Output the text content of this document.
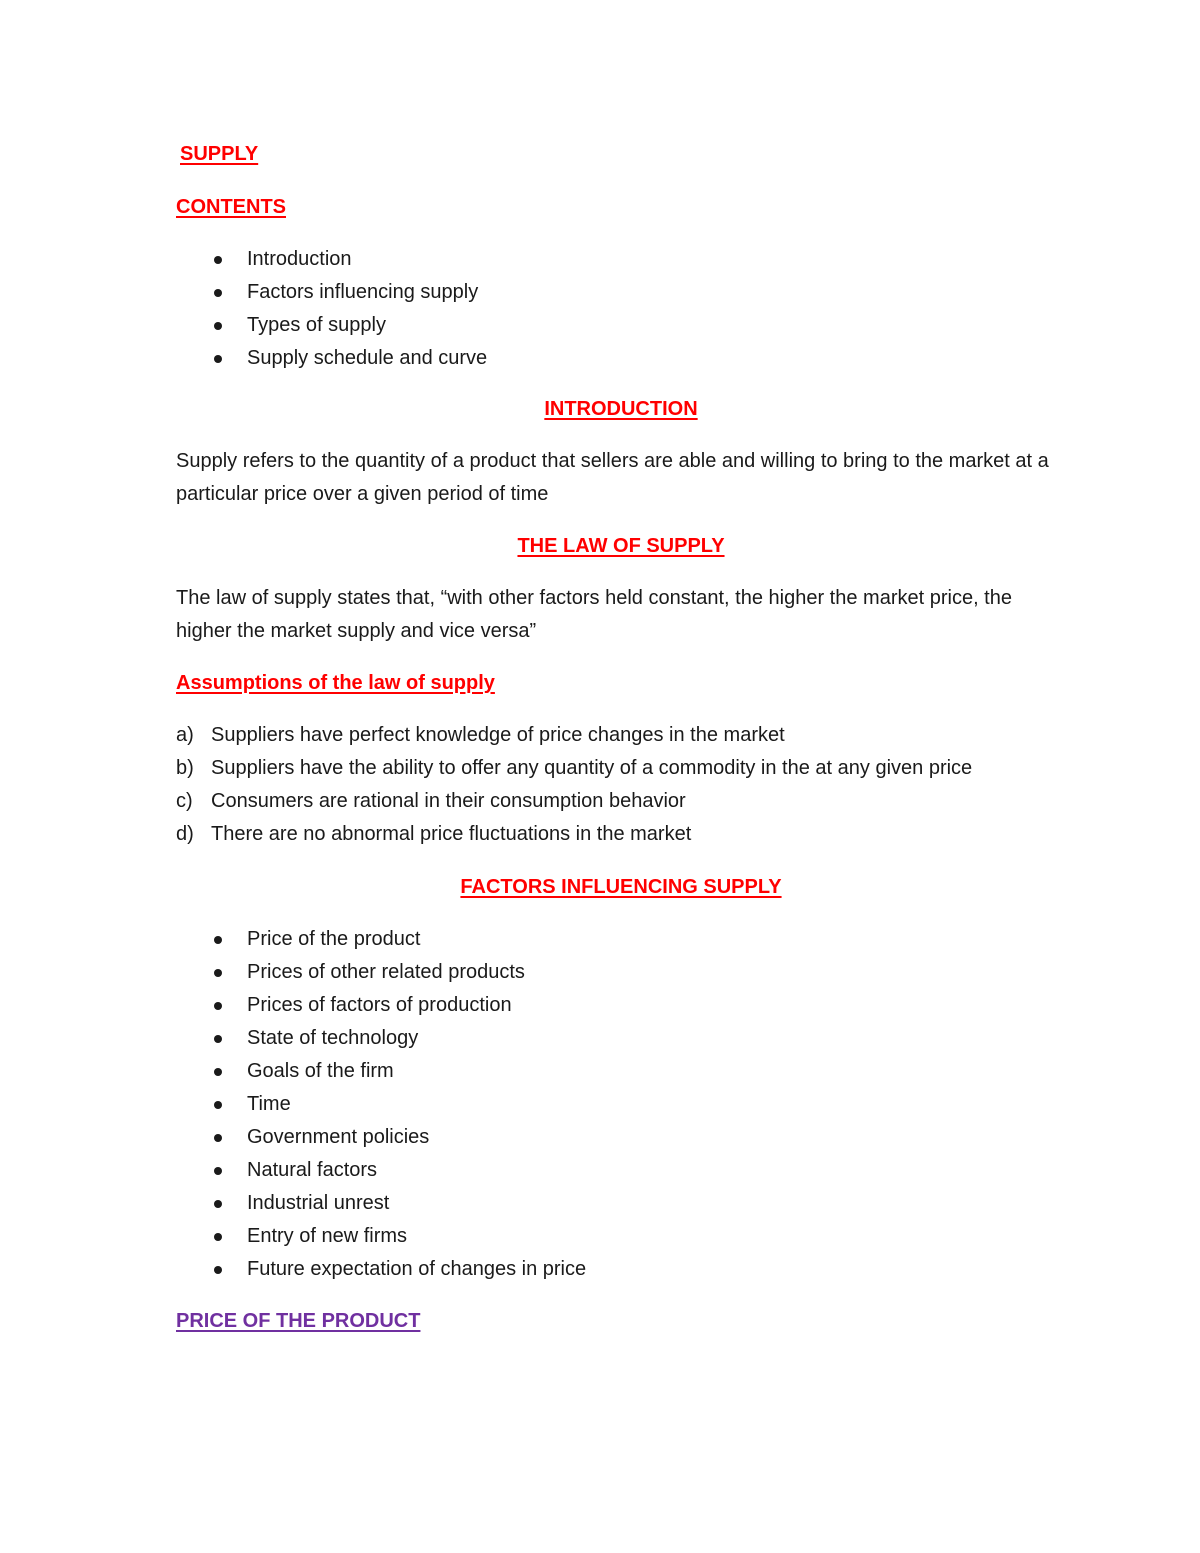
SUPPLY
CONTENTS
Introduction
Factors influencing supply
Types of supply
Supply schedule and curve
INTRODUCTION

Supply refers to the quantity of a product that sellers are able and willing to bring to the market at a particular price over a given period of time

THE LAW OF SUPPLY

The law of supply states that, “with other factors held constant, the higher the market price, the higher the market supply and vice versa”

Assumptions of the law of supply
a) Suppliers have perfect knowledge of price changes in the market
b) Suppliers have the ability to offer any quantity of a commodity in the at any given price
c) Consumers are rational in their consumption behavior
d) There are no abnormal price fluctuations in the market
FACTORS INFLUENCING SUPPLY
Price of the product
Prices of other related products
Prices of factors of production
State of technology
Goals of the firm
Time
Government policies
Natural factors
Industrial unrest
Entry of new firms
Future expectation of changes in price
PRICE OF THE PRODUCT
